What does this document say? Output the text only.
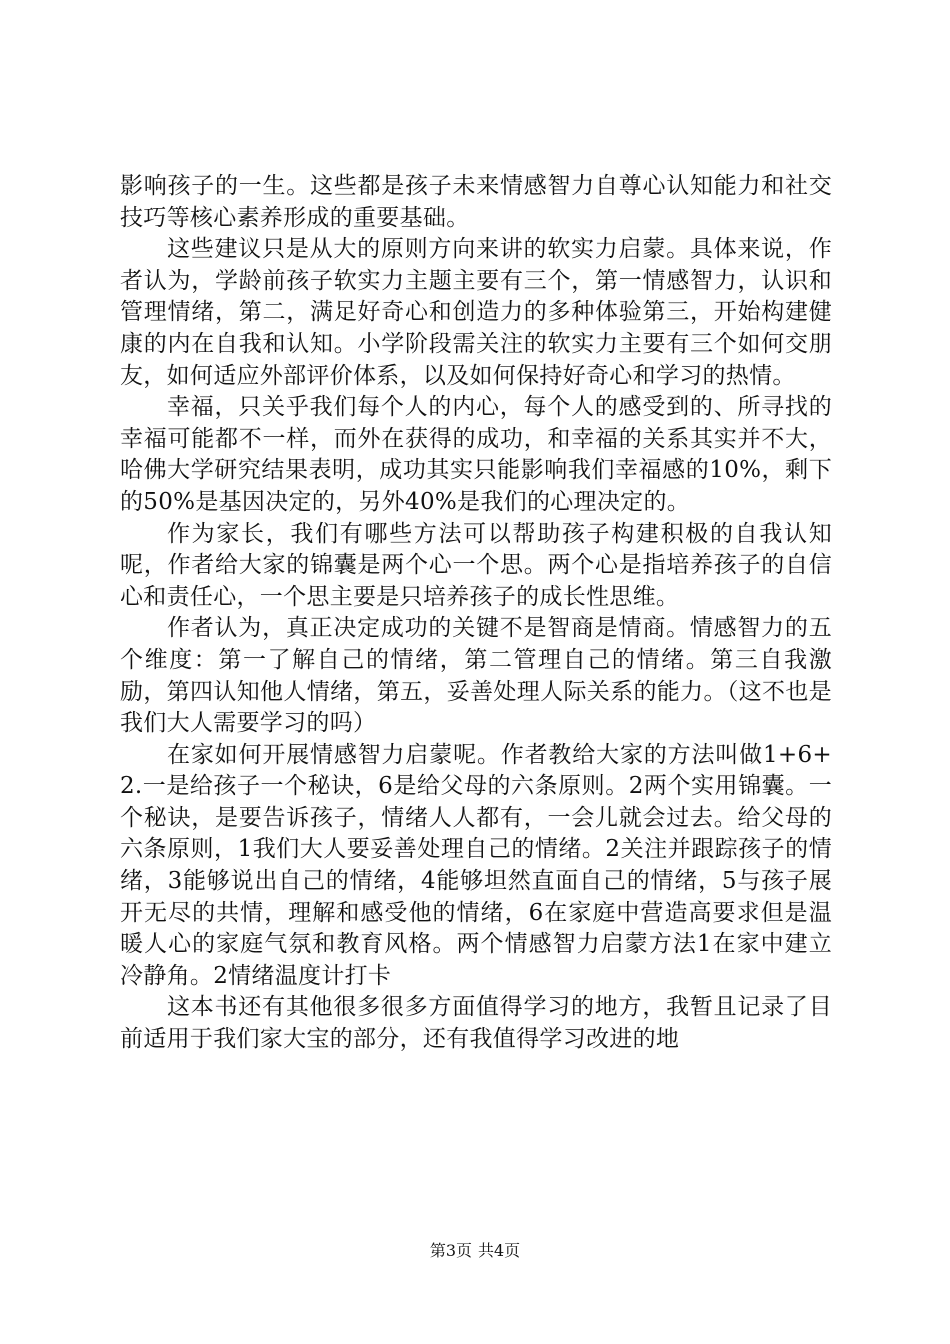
影响孩子的一生。这些都是孩子未来情感智力自尊心认知能力和社交技巧等核心素养形成的重要基础。

这些建议只是从大的原则方向来讲的软实力启蒙。具体来说，作者认为，学龄前孩子软实力主题主要有三个，第一情感智力，认识和管理情绪，第二，满足好奇心和创造力的多种体验第三，开始构建健康的内在自我和认知。小学阶段需关注的软实力主要有三个如何交朋友，如何适应外部评价体系，以及如何保持好奇心和学习的热情。

幸福，只关乎我们每个人的内心，每个人的感受到的、所寻找的幸福可能都不一样，而外在获得的成功，和幸福的关系其实并不大，哈佛大学研究结果表明，成功其实只能影响我们幸福感的10%，剩下的50%是基因决定的，另外40%是我们的心理决定的。

作为家长，我们有哪些方法可以帮助孩子构建积极的自我认知呢，作者给大家的锦囊是两个心一个思。两个心是指培养孩子的自信心和责任心，一个思主要是只培养孩子的成长性思维。

作者认为，真正决定成功的关键不是智商是情商。情感智力的五个维度：第一了解自己的情绪，第二管理自己的情绪。第三自我激励，第四认知他人情绪，第五，妥善处理人际关系的能力。（这不也是我们大人需要学习的吗）

在家如何开展情感智力启蒙呢。作者教给大家的方法叫做1+6+2.一是给孩子一个秘诀，6是给父母的六条原则。2两个实用锦囊。一个秘诀，是要告诉孩子，情绪人人都有，一会儿就会过去。给父母的六条原则，1我们大人要妥善处理自己的情绪。2关注并跟踪孩子的情绪，3能够说出自己的情绪，4能够坦然直面自己的情绪，5与孩子展开无尽的共情，理解和感受他的情绪，6在家庭中营造高要求但是温暖人心的家庭气氛和教育风格。两个情感智力启蒙方法1在家中建立冷静角。2情绪温度计打卡

这本书还有其他很多很多方面值得学习的地方，我暂且记录了目前适用于我们家大宝的部分，还有我值得学习改进的地

第3页 共4页
